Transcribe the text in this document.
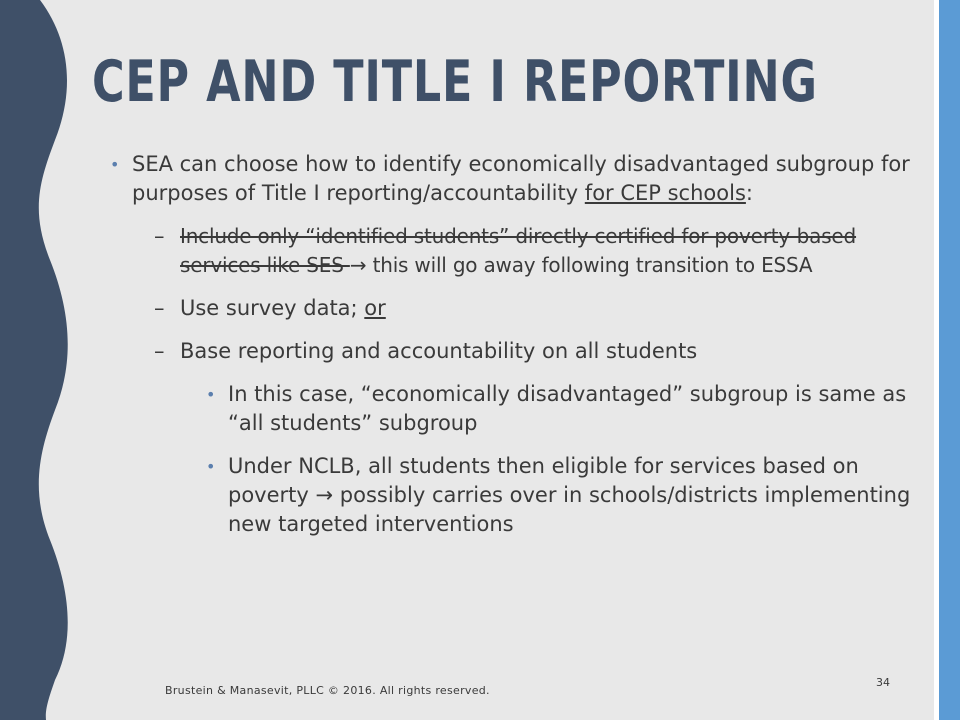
CEP AND TITLE I REPORTING
• SEA can choose how to identify economically disadvantaged subgroup for purposes of Title I reporting/accountability for CEP schools:
– Include only “identified students” directly certified for poverty-based services like SES → this will go away following transition to ESSA
– Use survey data; or
– Base reporting and accountability on all students
• In this case, “economically disadvantaged” subgroup is same as “all students” subgroup
• Under NCLB, all students then eligible for services based on poverty → possibly carries over in schools/districts implementing new targeted interventions
Brustein & Manasevit, PLLC © 2016. All rights reserved.
34
